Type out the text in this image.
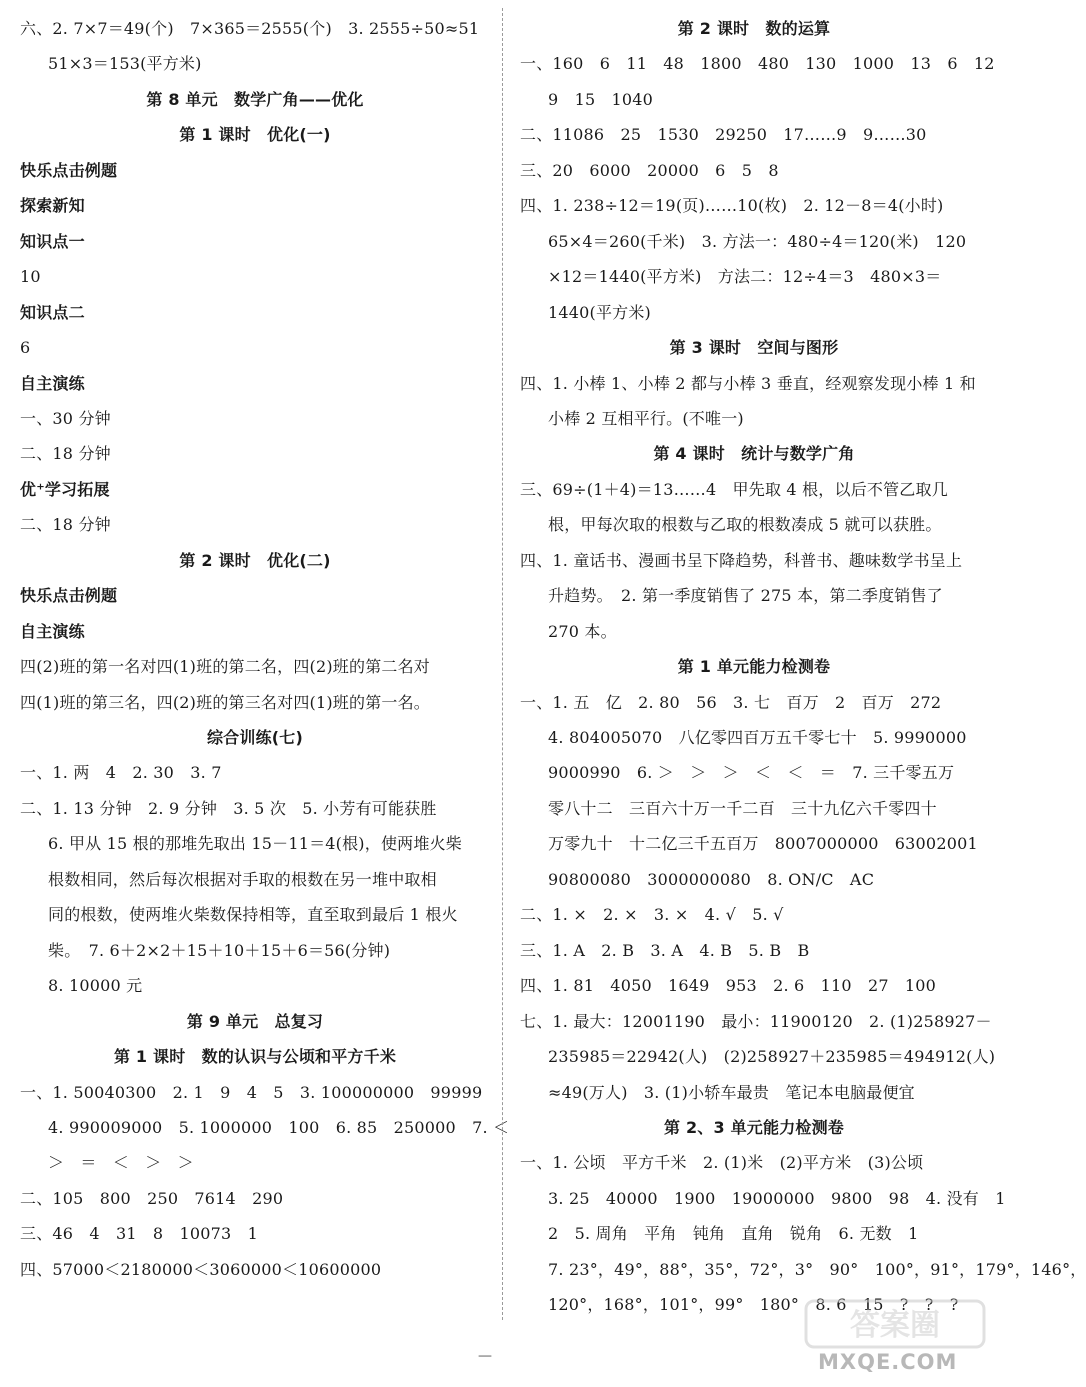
六、2. 7×7＝49(个)　7×365＝2555(个)　3. 2555÷50≈51
51×3＝153(平方米)
第 8 单元　数学广角——优化
第 1 课时　优化(一)
快乐点击例题
探索新知
知识点一
10
知识点二
6
自主演练
一、30 分钟
二、18 分钟
优⁺学习拓展
二、18 分钟
第 2 课时　优化(二)
快乐点击例题
自主演练
四(2)班的第一名对四(1)班的第二名，四(2)班的第二名对
四(1)班的第三名，四(2)班的第三名对四(1)班的第一名。
综合训练(七)
一、1. 两　4　2. 30　3. 7
二、1. 13 分钟　2. 9 分钟　3. 5 次　5. 小芳有可能获胜
6. 甲从 15 根的那堆先取出 15－11＝4(根)，使两堆火柴
根数相同，然后每次根据对手取的根数在另一堆中取相
同的根数，使两堆火柴数保持相等，直至取到最后 1 根火
柴。　7. 6＋2×2＋15＋10＋15＋6＝56(分钟)
8. 10000 元
第 9 单元　总复习
第 1 课时　数的认识与公顷和平方千米
一、1. 50040300　2. 1　9　4　5　3. 100000000　99999
4. 990009000　5. 1000000　100　6. 85　250000　7. ＜
＞　＝　＜　＞　＞
二、105　800　250　7614　290
三、46　4　31　8　10073　1
四、57000＜2180000＜3060000＜10600000
第 2 课时　数的运算
一、160　6　11　48　1800　480　130　1000　13　6　12
9　15　1040
二、11086　25　1530　29250　17……9　9……30
三、20　6000　20000　6　5　8
四、1. 238÷12＝19(页)……10(枚)　2. 12－8＝4(小时)
65×4＝260(千米)　3. 方法一：480÷4＝120(米)　120
×12＝1440(平方米)　方法二：12÷4＝3　480×3＝
1440(平方米)
第 3 课时　空间与图形
四、1. 小棒 1、小棒 2 都与小棒 3 垂直，经观察发现小棒 1 和
小棒 2 互相平行。(不唯一)
第 4 课时　统计与数学广角
三、69÷(1＋4)＝13……4　甲先取 4 根，以后不管乙取几
根，甲每次取的根数与乙取的根数凑成 5 就可以获胜。
四、1. 童话书、漫画书呈下降趋势，科普书、趣味数学书呈上
升趋势。　2. 第一季度销售了 275 本，第二季度销售了
270 本。
第 1 单元能力检测卷
一、1. 五　亿　2. 80　56　3. 七　百万　2　百万　272
4. 804005070　八亿零四百万五千零七十　5. 9990000
9000990　6. ＞　＞　＞　＜　＜　＝　7. 三千零五万
零八十二　三百六十万一千二百　三十九亿六千零四十
万零九十　十二亿三千五百万　8007000000　63002001
90800080　3000000080　8. ON/C　AC
二、1. ×　2. ×　3. ×　4. √　5. √
三、1. A　2. B　3. A　4. B　5. B　B
四、1. 81　4050　1649　953　2. 6　110　27　100
七、1. 最大：12001190　最小：11900120　2. (1)258927－
235985＝22942(人)　(2)258927＋235985＝494912(人)
≈49(万人)　3. (1)小轿车最贵　笔记本电脑最便宜
第 2、3 单元能力检测卷
一、1. 公顷　平方千米　2. (1)米　(2)平方米　(3)公顷
3. 25　40000　1900　19000000　9800　98　4. 没有　1
2　5. 周角　平角　钝角　直角　锐角　6. 无数　1
7. 23°，49°，88°，35°，72°，3°　90°　100°，91°，179°，146°，
120°，168°，101°，99°　180°　8. 6　15　?　?　?
—
答案圈
MXQE.COM
